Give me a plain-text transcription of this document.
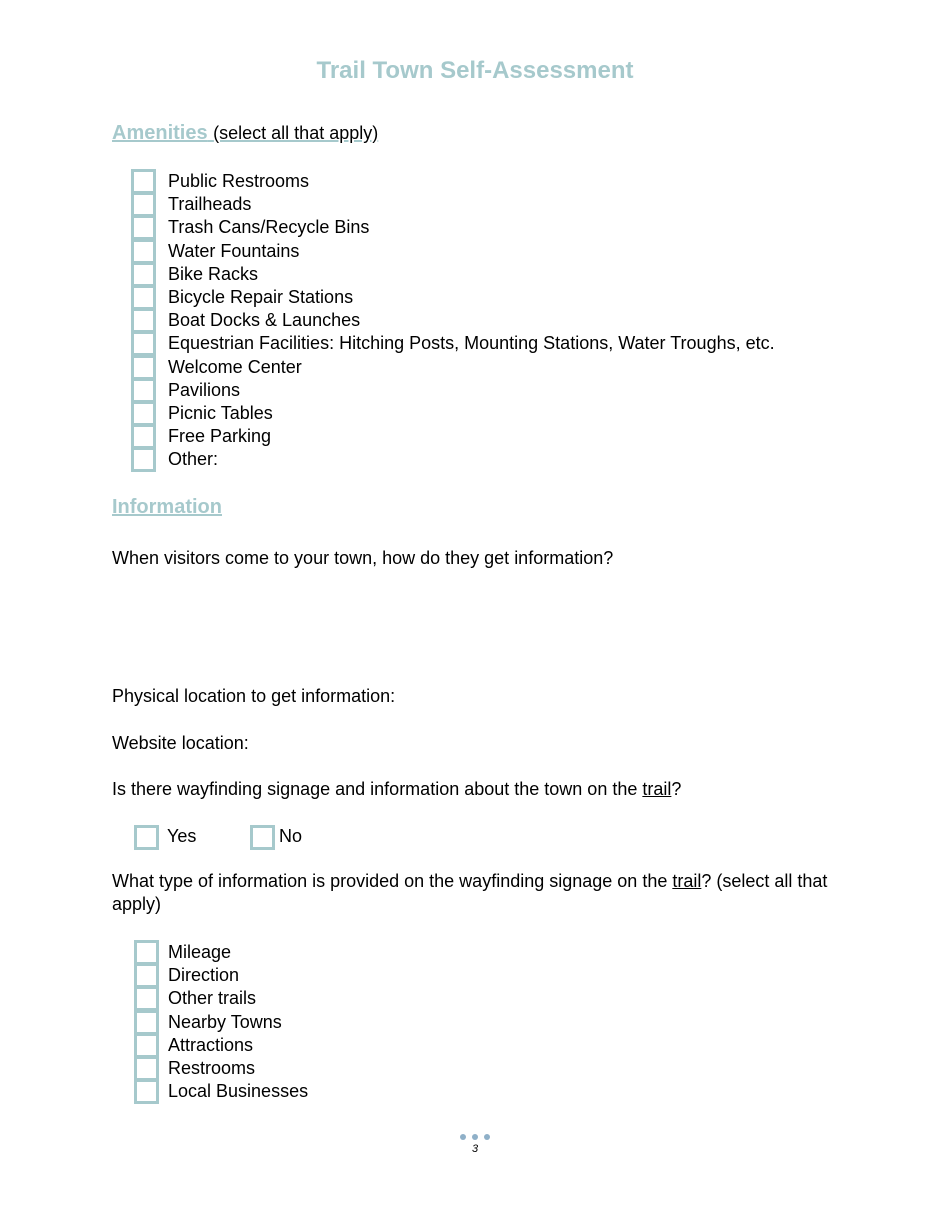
Trail Town Self-Assessment
Amenities (select all that apply)
Public Restrooms
Trailheads
Trash Cans/Recycle Bins
Water Fountains
Bike Racks
Bicycle Repair Stations
Boat Docks & Launches
Equestrian Facilities: Hitching Posts, Mounting Stations, Water Troughs, etc.
Welcome Center
Pavilions
Picnic Tables
Free Parking
Other:
Information
When visitors come to your town, how do they get information?
Physical location to get information:
Website location:
Is there wayfinding signage and information about the town on the trail?
Yes	No
What type of information is provided on the wayfinding signage on the trail? (select all that apply)
Mileage
Direction
Other trails
Nearby Towns
Attractions
Restrooms
Local Businesses
3
